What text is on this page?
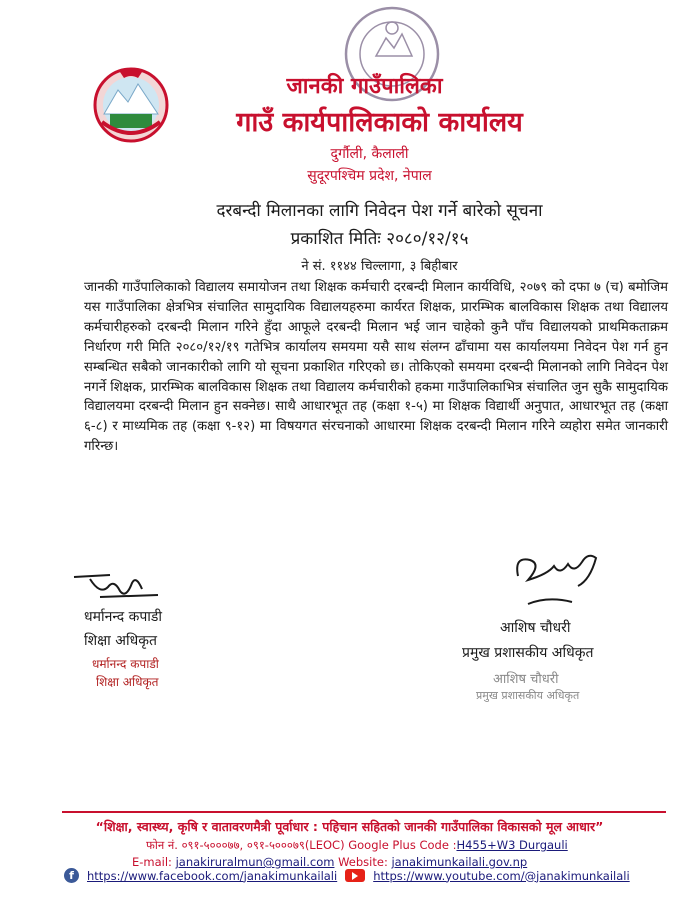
जानकी गाउँपालिका
गाउँ कार्यपालिकाको कार्यालय
दुर्गौली, कैलाली
सुदूरपश्चिम प्रदेश, नेपाल
दरबन्दी मिलानका लागि निवेदन पेश गर्ने बारेको सूचना
प्रकाशित मितिः २०८०/१२/१५
ने सं. ११४४ चिल्लागा, ३ बिहीबार
जानकी गाउँपालिकाको विद्यालय समायोजन तथा शिक्षक कर्मचारी दरबन्दी मिलान कार्यविधि, २०७९ को दफा ७ (च) बमोजिम यस गाउँपालिका क्षेत्रभित्र संचालित सामुदायिक विद्यालयहरुमा कार्यरत शिक्षक, प्रारम्भिक बालविकास शिक्षक तथा विद्यालय कर्मचारीहरुको दरबन्दी मिलान गरिने हुँदा आफूले दरबन्दी मिलान भई जान चाहेको कुनै पाँच विद्यालयको प्राथमिकताक्रम निर्धारण गरी मिति २०८०/१२/१९ गतेभित्र कार्यालय समयमा यसै साथ संलग्न ढाँचामा यस कार्यालयमा निवेदन पेश गर्न हुन सम्बन्धित सबैको जानकारीको लागि यो सूचना प्रकाशित गरिएको छ। तोकिएको समयमा दरबन्दी मिलानको लागि निवेदन पेश नगर्ने शिक्षक, प्रारम्भिक बालविकास शिक्षक तथा विद्यालय कर्मचारीको हकमा गाउँपालिकाभित्र संचालित जुन सुकै सामुदायिक विद्यालयमा दरबन्दी मिलान हुन सक्नेछ। साथै आधारभूत तह (कक्षा १-५) मा शिक्षक विद्यार्थी अनुपात, आधारभूत तह (कक्षा ६-८) र माध्यमिक तह (कक्षा ९-१२) मा विषयगत संरचनाको आधारमा शिक्षक दरबन्दी मिलान गरिने व्यहोरा समेत जानकारी गरिन्छ।
धर्मानन्द कपाडी
शिक्षा अधिकृत
धर्मानन्द कपाडी
शिक्षा अधिकृत
आशिष चौधरी
प्रमुख प्रशासकीय अधिकृत
आशिष चौधरी
प्रमुख प्रशासकीय अधिकृत
“शिक्षा, स्वास्थ्य, कृषि र वातावरणमैत्री पूर्वाधार : पहिचान सहितको जानकी गाउँपालिका विकासको मूल आधार”
फोन नं. ०९१-५०००७७, ०९१-५०००७९(LEOC) Google Plus Code :H455+W3 Durgauli
E-mail: janakiruralmun@gmail.com Website: janakimunkailali.gov.np
f	https://www.facebook.com/janakimunkailali	https://www.youtube.com/@janakimunkailali
